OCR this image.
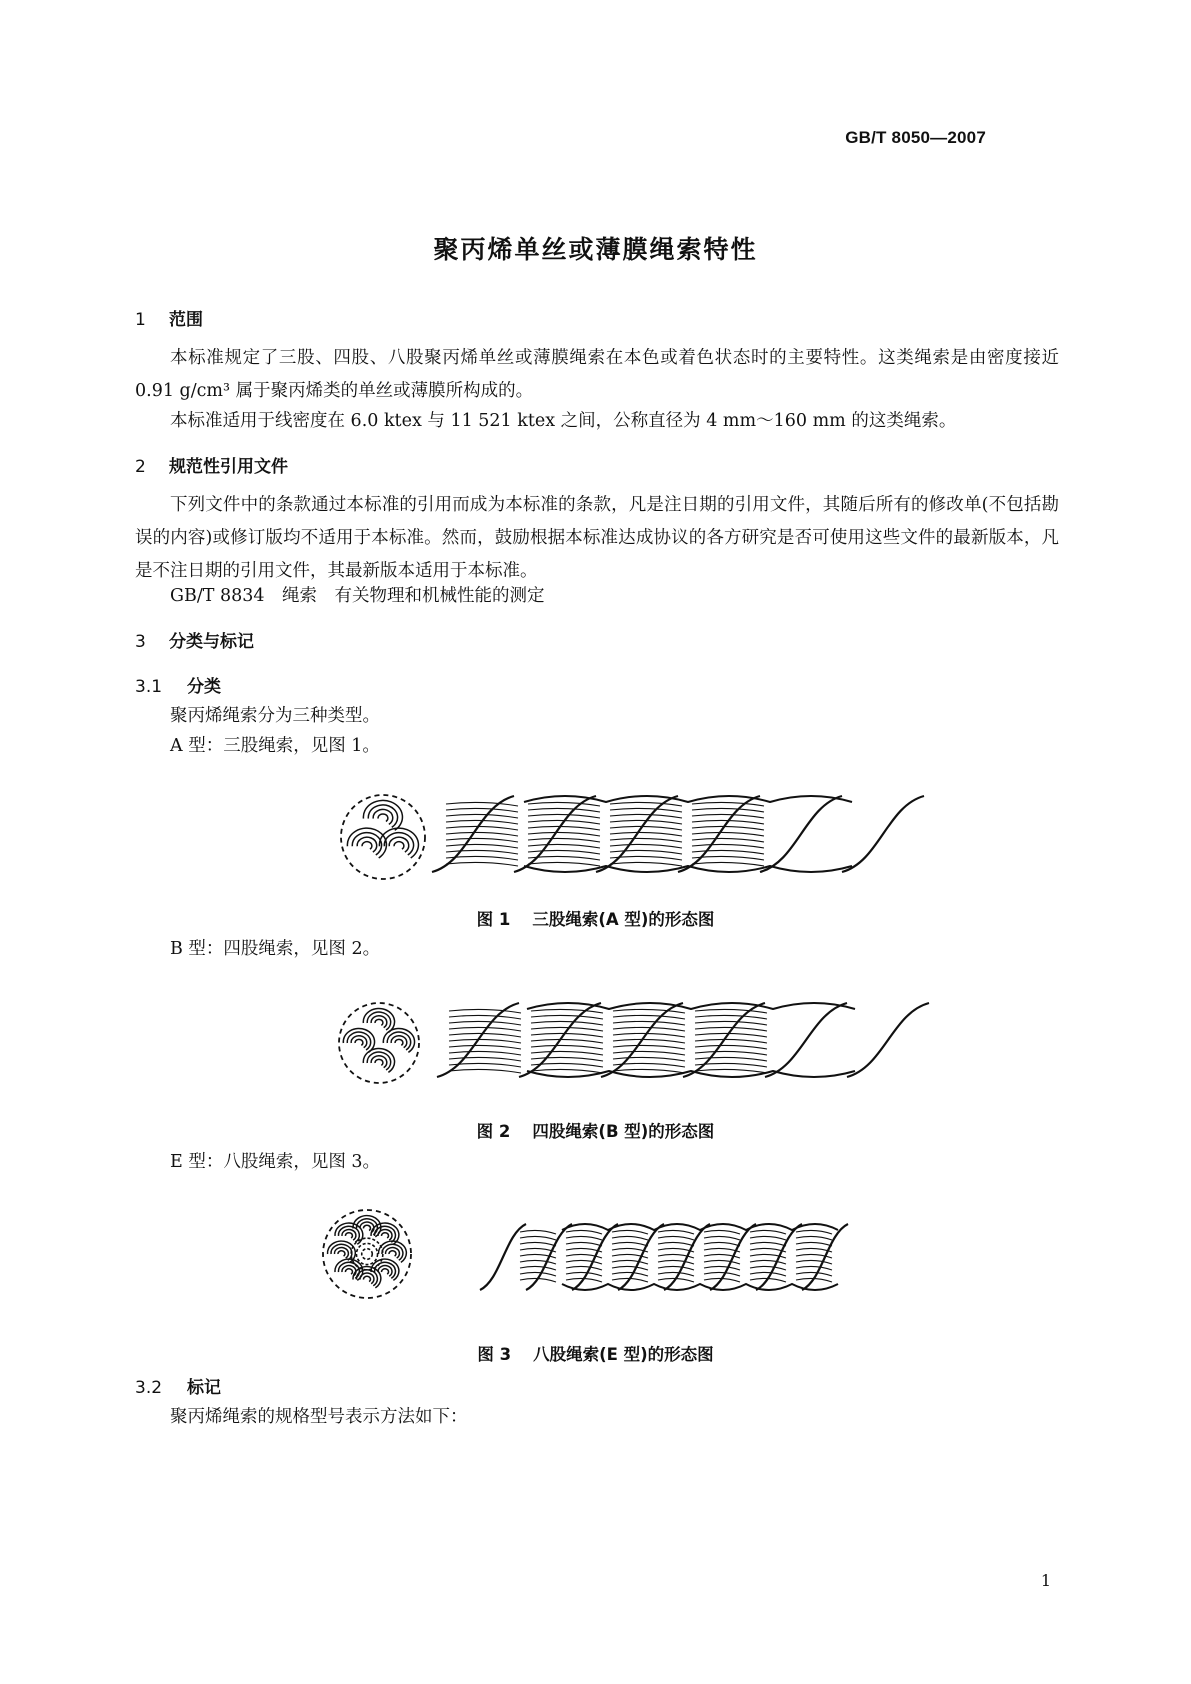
GB/T 8050—2007
聚丙烯单丝或薄膜绳索特性
1 范围
本标准规定了三股、四股、八股聚丙烯单丝或薄膜绳索在本色或着色状态时的主要特性。这类绳索是由密度接近 0.91 g/cm³ 属于聚丙烯类的单丝或薄膜所构成的。
本标准适用于线密度在 6.0 ktex 与 11 521 ktex 之间，公称直径为 4 mm～160 mm 的这类绳索。
2 规范性引用文件
下列文件中的条款通过本标准的引用而成为本标准的条款，凡是注日期的引用文件，其随后所有的修改单(不包括勘误的内容)或修订版均不适用于本标准。然而，鼓励根据本标准达成协议的各方研究是否可使用这些文件的最新版本，凡是不注日期的引用文件，其最新版本适用于本标准。
GB/T 8834　绳索　有关物理和机械性能的测定
3 分类与标记
3.1 分类
聚丙烯绳索分为三种类型。
A 型：三股绳索，见图 1。
图 1 三股绳索(A 型)的形态图
B 型：四股绳索，见图 2。
图 2 四股绳索(B 型)的形态图
E 型：八股绳索，见图 3。
图 3 八股绳索(E 型)的形态图
3.2 标记
聚丙烯绳索的规格型号表示方法如下：
1
